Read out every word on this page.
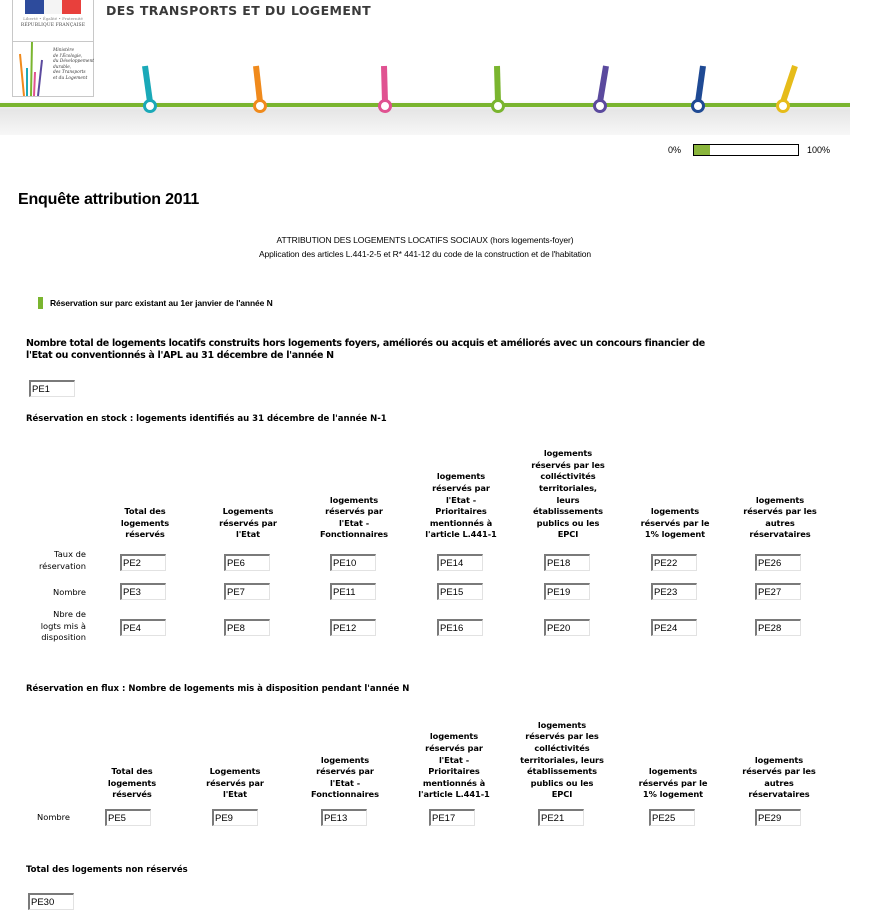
Liberté • Égalité • Fraternité
RÉPUBLIQUE FRANÇAISE
Ministère
de l'Écologie,
du Développement
durable,
des Transports
et du Logement
DES TRANSPORTS ET DU LOGEMENT
0%	100%
Enquête attribution 2011
ATTRIBUTION DES LOGEMENTS LOCATIFS SOCIAUX (hors logements-foyer)
Application des articles L.441-2-5 et R* 441-12 du code de la construction et de l'habitation
Réservation sur parc existant au 1er janvier de l'année N
Nombre total de logements locatifs construits hors logements foyers, améliorés ou acquis et améliorés avec un concours financier de
l'Etat ou conventionnés à l'APL au 31 décembre de l'année N
PE1
Réservation en stock : logements identifiés au 31 décembre de l'année N-1
Total des
logements
réservés
Logements
réservés par
l'Etat
logements
réservés par
l'Etat -
Fonctionnaires
logements
réservés par
l'Etat -
Prioritaires
mentionnés à
l'article L.441-1
logements
réservés par les
colléctivités
territoriales,
leurs
établissements
publics ou les
EPCI
logements
réservés par le
1% logement
logements
réservés par les
autres
réservataires
Taux de
réservation
PE2
PE6
PE10
PE14
PE18
PE22
PE26
Nombre
PE3
PE7
PE11
PE15
PE19
PE23
PE27
Nbre de
logts mis à
disposition
PE4
PE8
PE12
PE16
PE20
PE24
PE28
Réservation en flux : Nombre de logements mis à disposition pendant l'année N
Total des
logements
réservés
Logements
réservés par
l'Etat
logements
réservés par
l'Etat -
Fonctionnaires
logements
réservés par
l'Etat -
Prioritaires
mentionnés à
l'article L.441-1
logements
réservés par les
colléctivités
territoriales, leurs
établissements
publics ou les
EPCI
logements
réservés par le
1% logement
logements
réservés par les
autres
réservataires
Nombre
PE5
PE9
PE13
PE17
PE21
PE25
PE29
Total des logements non réservés
PE30
